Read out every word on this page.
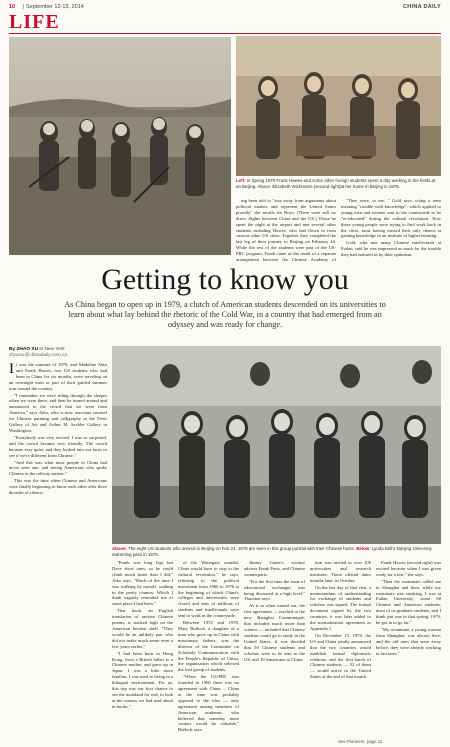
10 | September 12-13, 2014	CHINA DAILY
LIFE
Left: In Spring 1979 Frank Hawes and some other foreign students spent a day working in the fields at an Beijing. Above: Elizabeth Wichmann (second right)at her home in Beijing in 1979.

ing been told to "stay away from arguments about political matters and represent the United States proudly" she recalls for Boys. (There were still no direct flights between China and the US.) Those he spent the night at the airport and met several other students including Hawes, who had flown in from various other US cities. Together they completed the last leg of their journey to Beijing on February 24. While the rest of the students were part of the US-PRC program, Frank came as the result of a separate arrangement between the Chinese Academy of

"They were, to me, " Gold says, citing a term meaning "trouble with knowledge", which applied to young men and women sent to the countryside to be "re-educated" during the cultural revolution. Now those young people were trying to find work back in the cities, most having missed their only chance at gaining knowledge in an institute of higher learning.

Gold, who met many Chinese intellectuals at Fudan, said he was impressed as much by the trouble they had endured as by their optimism.

Getting to know you
As China began to open up in 1979, a clutch of American students descended on its universities to learn about what lay behind the rhetoric of the Cold War, in a country that had emerged from an odyssey and was ready for change.
By ZHAO XU in New York
zhaoxu@chinadaily.com.cn

It was the summer of 1979, and Madeline Aiko and Frank Hawes, two US students who had been in China for six months, were traveling on an overnight train as part of their guided summer tour around the country.

"I remember we were riding through the sleeper when we were there, and then he turned around and announced to the crowd that we were from America," says Aiko, who is now associate counsel for Chinese painting and calligraphy at the Freer Gallery of Art and Arthur M. Sackler Gallery in Washington.

"Everybody was very excited. I was so surprised, and the crowd became very friendly. The crowd became very quiet, and they looked into our faces to see if we're different from Chinese."

"And this was what most people in China had never seen one, and seeing Americans who spoke Chinese in the railway station."

This was the time when Chinese and Americans were finally beginning to know each other after three decades of silence.

Above: The eight US students who arrived in Beijing on Feb 24, 1979 are seen in this group portrait with their Chinese hosts. Below: Lynda Bell's Nanjing University swimming pass in 1979.

"Frank was long legs but Dave short ones, so he could climb much faster than I did," Aiko says. "Much of the time I was walking by myself, soaking in the pretty country. Which I think vaguely reminded me of some place I had been."

That book, an English translation of ancient Chinese poems, is stacked high on the American kitchen shelf. "They would be an unlikely pair who did not make much sense even a few years earlier."

"I had been born in Hong Kong, from a British father to a Chinese mother, and grew up in Japan. I was a little more familiar, I was used to living in a bilingual environment. For us, this trip was our first chance to see the mainland for real, to look at the country we had read about in books."

of the Watergate scandal, China would have to stop to the cultural revolution," he says, referring to the political movement from 1966 to 1976 at the beginning of which China's colleges and universities were closed and tens of millions of students and intellectuals were sent to work in the countryside.

Between 1972 and 1978, Mary Bullock, a daughter of a man who grew up in China with missionary fathers, was the director of the Committee on Scholarly Communication with the People's Republic of China, the organization which selected the first group of students.

"When the US-PRC was founded in 1966 there was no agreement with China ... China at the time was probably opposed to the idea — only agreement among members of American academic who believed that someday more contact would be valuable," Bullock says.

Jimmy Carter's science adviser Frank Press, and Chinese counterparts.

"For the first time the issue of educational exchanges was being discussed at a high level," Thurston says.

As it so often turned out, the first agreement — reached to the new Shanghai Communiqué, that included much more than science — included that Chinese students could go to study in the United States. It was decided that 50 Chinese students and scholars were to be sent to the US, and 10 Americans to China.

tion was invited to over 100 universities and research institutes. Those official dates months later, in October.

On the last day of that visit, a memorandum of understanding for exchange of students and scholars was signed. The formal document signed by the two countries, it was later added to the normalization agreement as Appendix I.

On December 15, 1978, the US and China jointly announced that the two countries would establish formal diplomatic relations, and the first batch of Chinese students — 52 of them — would arrive in the United States at the end of that month.

Frank Hawes (second right) was excited because when I was given ready for a test," she says.

"Then the roommate called me in Shanghai and then, while my roommate was studying, I was at Fudan University, some 60 Chinese and American students, most of us graduate students, and I think just one in that spring, 1979, he got in to go far."

"My roommate, a young woman from Shanghai, was always here, and the old ones that were away before, they were already working in factories."

See Pioneers, page 11
